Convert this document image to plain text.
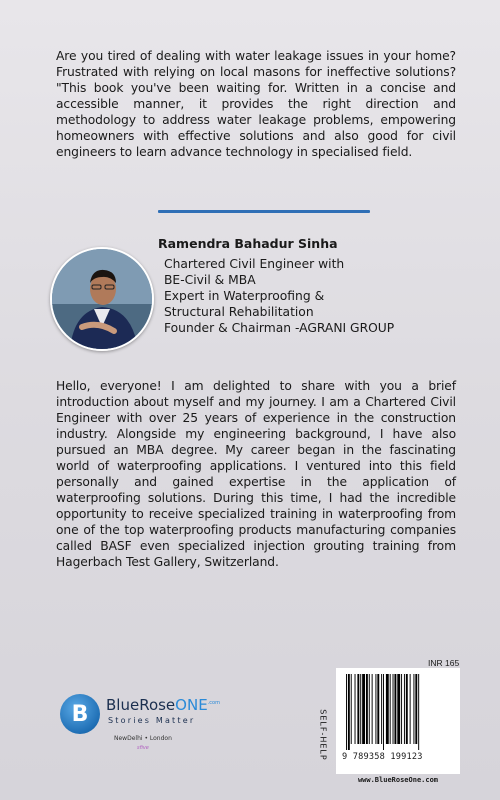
Are you tired of dealing with water leakage issues in your home? Frustrated with relying on local masons for ineffective solutions? "This book you've been waiting for. Written in a concise and accessible manner, it provides the right direction and methodology to address water leakage problems, empowering homeowners with effective solutions and also good for civil engineers to learn advance technology in specialised field.
Ramendra Bahadur Sinha
Chartered Civil Engineer with
BE-Civil & MBA
Expert in Waterproofing &
Structural Rehabilitation
Founder & Chairman -AGRANI GROUP
Hello, everyone! I am delighted to share with you a brief introduction about myself and my journey. I am a Chartered Civil Engineer with over 25 years of experience in the construction industry. Alongside my engineering background, I have also pursued an MBA degree. My career began in the fascinating world of waterproofing applications. I ventured into this field personally and gained expertise in the application of waterproofing solutions. During this time, I had the incredible opportunity to receive specialized training in waterproofing from one of the top waterproofing products manufacturing companies called BASF even specialized injection grouting training from Hagerbach Test Gallery, Switzerland.
B	BlueRoseONE$^{.com}$
Stories Matter
NewDelhi • London
sfive
INR 165
SELF-HELP 9 789358 199123
www.BlueRoseOne.com
